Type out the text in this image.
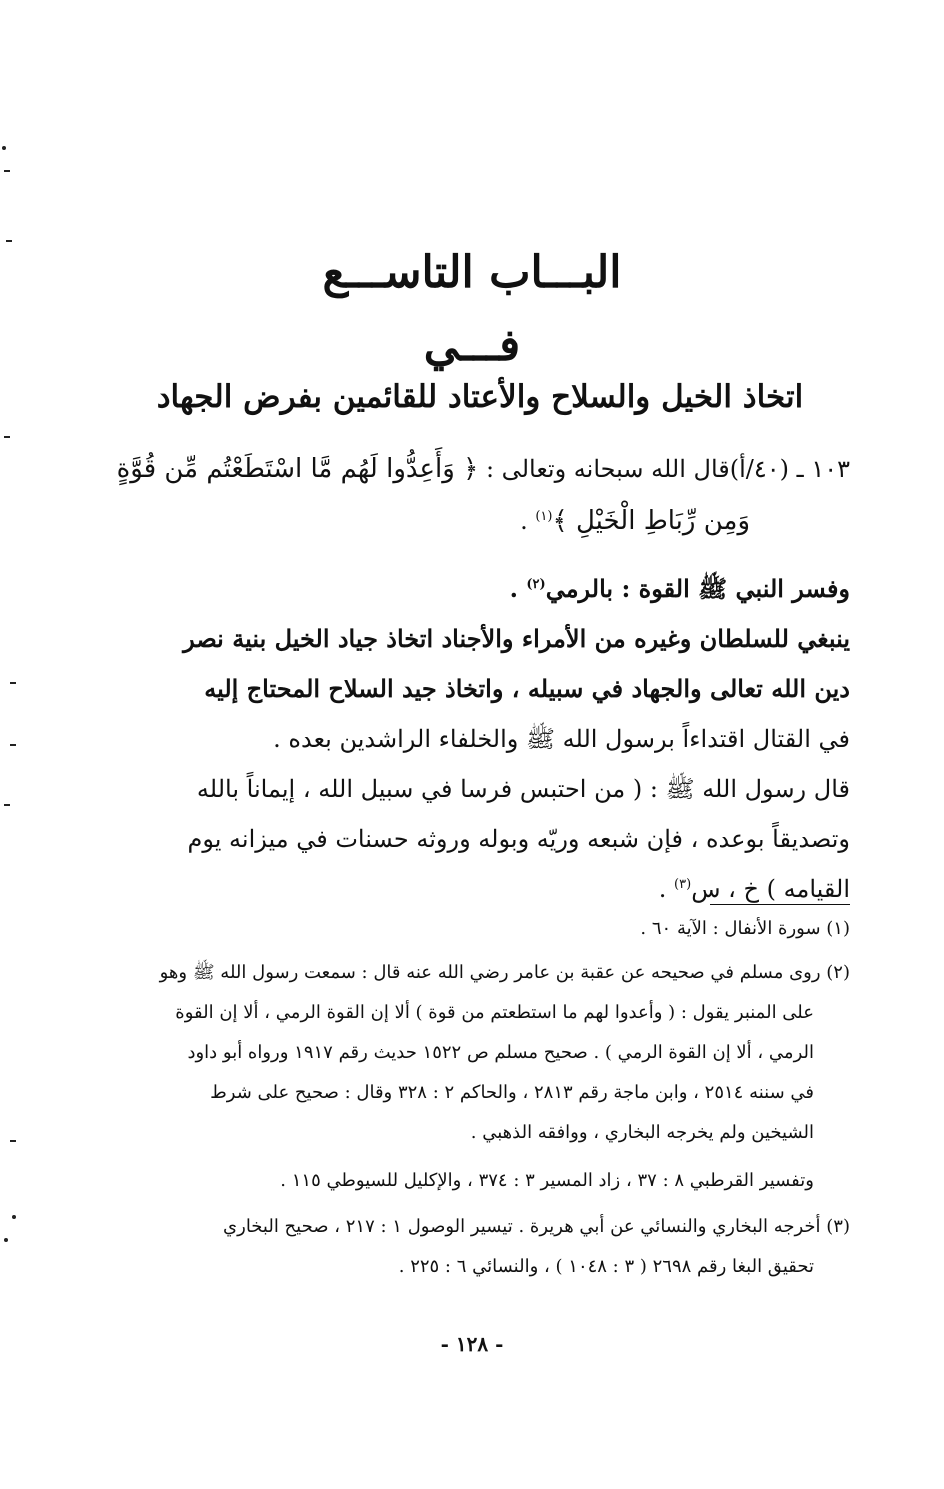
البـــاب التاســـع
فـــي
اتخاذ الخيل والسلاح والأعتاد للقائمين بفرض الجهاد
١٠٣ ـ (٤٠/أ)قال الله سبحانه وتعالى : ﴿ وَأَعِدُّوا لَهُم مَّا اسْتَطَعْتُم مِّن قُوَّةٍ
وَمِن رِّبَاطِ الْخَيْلِ ﴾$^{(١)}$ .
وفسر النبي ﷺ القوة : بالرمي$^{(٢)}$ .
ينبغي للسلطان وغيره من الأمراء والأجناد اتخاذ جياد الخيل بنية نصر
دين الله تعالى والجهاد في سبيله ، واتخاذ جيد السلاح المحتاج إليه
في القتال اقتداءاً برسول الله ﷺ والخلفاء الراشدين بعده .
قال رسول الله ﷺ : ( من احتبس فرسا في سبيل الله ، إيماناً بالله
وتصديقاً بوعده ، فإن شبعه وريّه وبوله وروثه حسنات في ميزانه يوم
القيامه ) خ ، س$^{(٣)}$ .
(١) سورة الأنفال : الآية ٦٠ .
(٢) روى مسلم في صحيحه عن عقبة بن عامر رضي الله عنه قال : سمعت رسول الله ﷺ وهو
على المنبر يقول : ( وأعدوا لهم ما استطعتم من قوة ) ألا إن القوة الرمي ، ألا إن القوة
الرمي ، ألا إن القوة الرمي ) . صحيح مسلم ص ١٥٢٢ حديث رقم ١٩١٧ ورواه أبو داود
في سننه ٢٥١٤ ، وابن ماجة رقم ٢٨١٣ ، والحاكم ٢ : ٣٢٨ وقال : صحيح على شرط
الشيخين ولم يخرجه البخاري ، ووافقه الذهبي .
وتفسير القرطبي ٨ : ٣٧ ، زاد المسير ٣ : ٣٧٤ ، والإكليل للسيوطي ١١٥ .
(٣) أخرجه البخاري والنسائي عن أبي هريرة . تيسير الوصول ١ : ٢١٧ ، صحيح البخاري
تحقيق البغا رقم ٢٦٩٨ ( ٣ : ١٠٤٨ ) ، والنسائي ٦ : ٢٢٥ .
- ١٢٨ -
